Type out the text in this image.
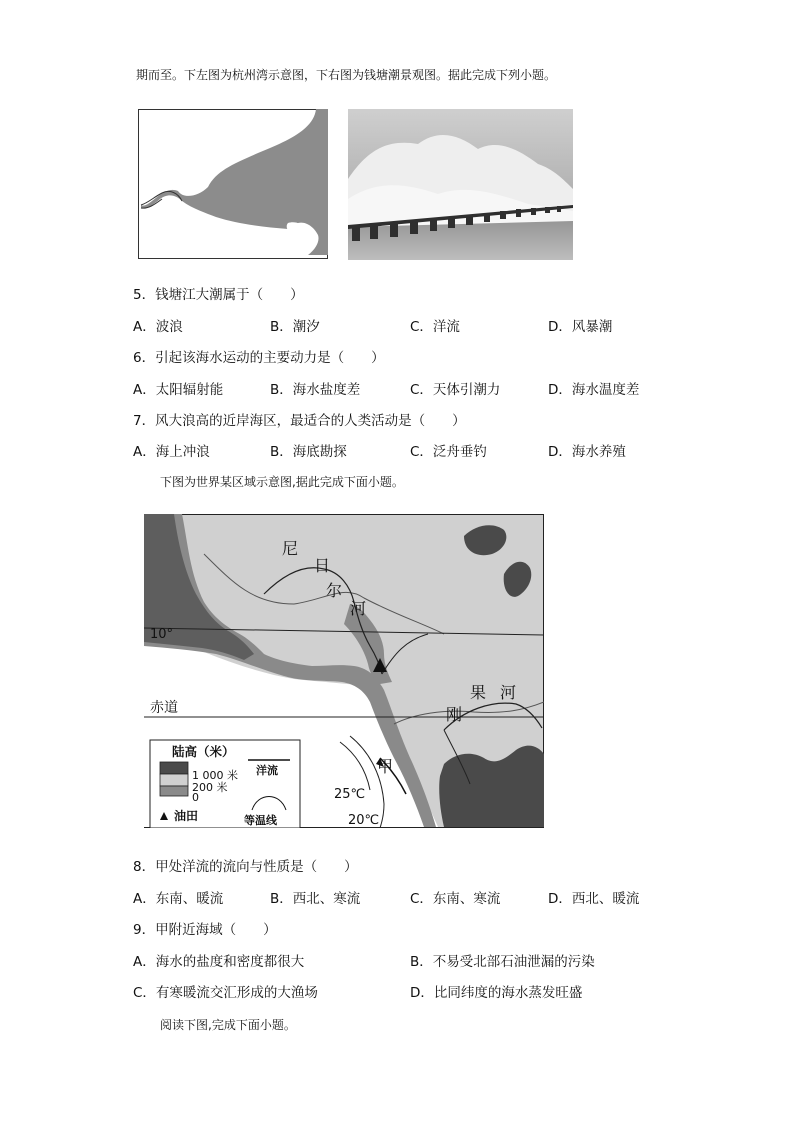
期而至。下左图为杭州湾示意图，下右图为钱塘潮景观图。据此完成下列小题。
5．钱塘江大潮属于（　　）
A．波浪	B．潮汐	C．洋流	D．风暴潮
6．引起该海水运动的主要动力是（　　）
A．太阳辐射能	B．海水盐度差	C．天体引潮力	D．海水温度差
7．风大浪高的近岸海区，最适合的人类活动是（　　）
A．海上冲浪	B．海底勘探	C．泛舟垂钓	D．海水养殖
下图为世界某区域示意图,据此完成下面小题。
尼
日
尔
河
果 河
刚
10°
赤道
陆高（米）
1 000 米
200 米
0
油田
洋流
等温线
甲
25℃
20℃
8．甲处洋流的流向与性质是（　　）
A．东南、暖流	B．西北、寒流	C．东南、寒流	D．西北、暖流
9．甲附近海域（　　）
A．海水的盐度和密度都很大	B．不易受北部石油泄漏的污染
C．有寒暖流交汇形成的大渔场	D．比同纬度的海水蒸发旺盛
阅读下图,完成下面小题。
